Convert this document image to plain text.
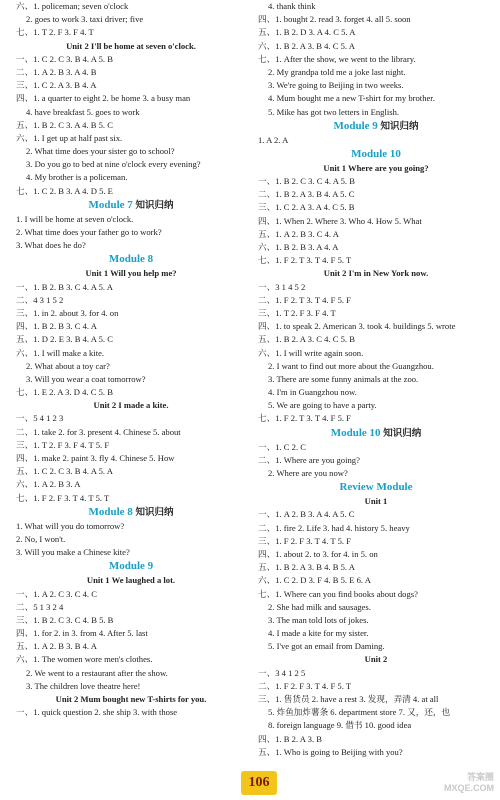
六、1. policeman; seven o'clock
2. goes to work 3. taxi driver; five
七、1. T 2. F 3. F 4. T
Unit 2 I'll be home at seven o'clock.
一、1. C 2. C 3. B 4. A 5. B
二、1. A 2. B 3. A 4. B
三、1. C 2. A 3. B 4. A
四、1. a quarter to eight 2. be home 3. a busy man
4. have breakfast 5. goes to work
五、1. B 2. C 3. A 4. B 5. C
六、1. I get up at half past six.
2. What time does your sister go to school?
3. Do you go to bed at nine o'clock every evening?
4. My brother is a policeman.
七、1. C 2. B 3. A 4. D 5. E
Module 7 知识归纳
1. I will be home at seven o'clock.
2. What time does your father go to work?
3. What does he do?
Module 8
Unit 1 Will you help me?
一、1. B 2. B 3. C 4. A 5. A
二、4 3 1 5 2
三、1. in 2. about 3. for 4. on
四、1. B 2. B 3. C 4. A
五、1. D 2. E 3. B 4. A 5. C
六、1. I will make a kite.
2. What about a toy car?
3. Will you wear a coat tomorrow?
七、1. E 2. A 3. D 4. C 5. B
Unit 2 I made a kite.
一、5 4 1 2 3
二、1. take 2. for 3. present 4. Chinese 5. about
三、1. T 2. F 3. F 4. T 5. F
四、1. make 2. paint 3. fly 4. Chinese 5. How
五、1. C 2. C 3. B 4. A 5. A
六、1. A 2. B 3. A
七、1. F 2. F 3. T 4. T 5. T
Module 8 知识归纳
1. What will you do tomorrow?
2. No, I won't.
3. Will you make a Chinese kite?
Module 9
Unit 1 We laughed a lot.
一、1. A 2. C 3. C 4. C
二、5 1 3 2 4
三、1. B 2. C 3. C 4. B 5. B
四、1. for 2. in 3. from 4. After 5. last
五、1. A 2. B 3. B 4. A
六、1. The women wore men's clothes.
2. We went to a restaurant after the show.
3. The children love theatre here!
Unit 2 Mum bought new T-shirts for you.
一、1. quick question 2. she ship 3. with those
4. thank think
四、1. bought 2. read 3. forget 4. all 5. soon
五、1. B 2. D 3. A 4. C 5. A
六、1. B 2. A 3. B 4. C 5. A
七、1. After the show, we went to the library.
2. My grandpa told me a joke last night.
3. We're going to Beijing in two weeks.
4. Mum bought me a new T-shirt for my brother.
5. Mike has got two letters in English.
Module 9 知识归纳
1. A 2. A
Module 10
Unit 1 Where are you going?
一、1. B 2. C 3. C 4. A 5. B
二、1. B 2. A 3. B 4. A 5. C
三、1. C 2. A 3. A 4. C 5. B
四、1. When 2. Where 3. Who 4. How 5. What
五、1. A 2. B 3. C 4. A
六、1. B 2. B 3. A 4. A
七、1. F 2. T 3. T 4. F 5. T
Unit 2 I'm in New York now.
一、3 1 4 5 2
二、1. F 2. T 3. T 4. F 5. F
三、1. T 2. F 3. F 4. T
四、1. to speak 2. American 3. took 4. buildings 5. wrote
五、1. B 2. A 3. C 4. C 5. B
六、1. I will write again soon.
2. I want to find out more about the Guangzhou.
3. There are some funny animals at the zoo.
4. I'm in Guangzhou now.
5. We are going to have a party.
七、1. F 2. T 3. T 4. F 5. F
Module 10 知识归纳
一、1. C 2. C
二、1. Where are you going?
2. Where are you now?
Review Module
Unit 1
一、1. A 2. B 3. A 4. A 5. C
二、1. fire 2. Life 3. had 4. history 5. heavy
三、1. F 2. F 3. T 4. T 5. F
四、1. about 2. to 3. for 4. in 5. on
五、1. B 2. A 3. B 4. B 5. A
六、1. C 2. D 3. F 4. B 5. E 6. A
七、1. Where can you find books about dogs?
2. She had milk and sausages.
3. The man told lots of jokes.
4. I made a kite for my sister.
5. I've got an email from Daming.
Unit 2
一、3 4 1 2 5
二、1. F 2. F 3. T 4. F 5. T
三、1. 售货员 2. have a rest 3. 发现，弄清 4. at all
5. 炸鱼加炸薯条 6. department store 7. 又，还，也
8. foreign language 9. 借书 10. good idea
四、1. B 2. A 3. B
五、1. Who is going to Beijing with you?
106	答案圈 MXQE.COM
